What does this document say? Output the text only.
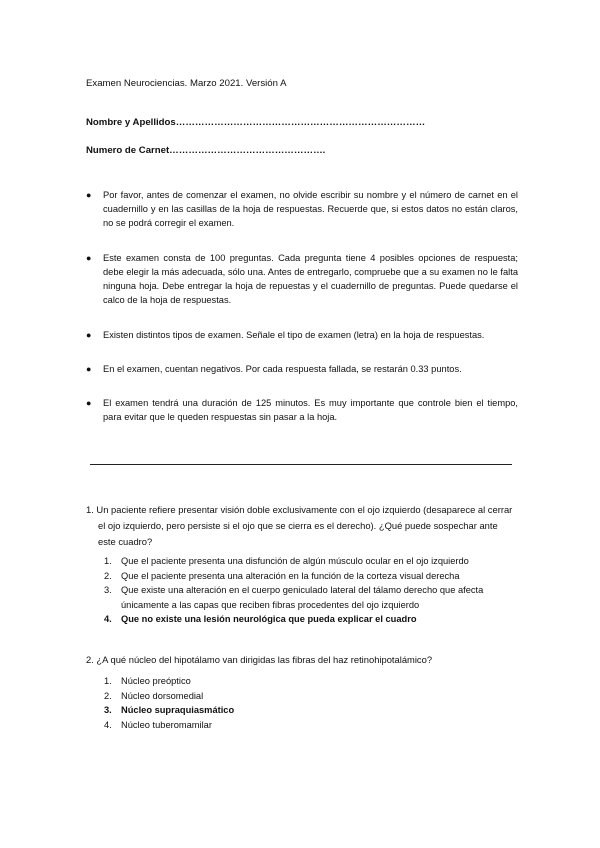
Examen Neurociencias. Marzo 2021. Versión A
Nombre y Apellidos……………………………………………………………………
Numero de Carnet………………………………………….
●	Por favor, antes de comenzar el examen, no olvide escribir su nombre y el número de carnet en el cuadernillo y en las casillas de la hoja de respuestas. Recuerde que, si estos datos no están claros, no se podrá corregir el examen.
●	Este examen consta de 100 preguntas. Cada pregunta tiene 4 posibles opciones de respuesta; debe elegir la más adecuada, sólo una. Antes de entregarlo, compruebe que a su examen no le falta ninguna hoja. Debe entregar la hoja de repuestas y el cuadernillo de preguntas. Puede quedarse el calco de la hoja de respuestas.
●	Existen distintos tipos de examen. Señale el tipo de examen (letra) en la hoja de respuestas.
●	En el examen, cuentan negativos. Por cada respuesta fallada, se restarán 0.33 puntos.
●	El examen tendrá una duración de 125 minutos. Es muy importante que controle bien el tiempo, para evitar que le queden respuestas sin pasar a la hoja.
1. Un paciente refiere presentar visión doble exclusivamente con el ojo izquierdo (desaparece al cerrar el ojo izquierdo, pero persiste si el ojo que se cierra es el derecho). ¿Qué puede sospechar ante este cuadro?
1. Que el paciente presenta una disfunción de algún músculo ocular en el ojo izquierdo
2. Que el paciente presenta una alteración en la función de la corteza visual derecha
3. Que existe una alteración en el cuerpo geniculado lateral del tálamo derecho que afecta únicamente a las capas que reciben fibras procedentes del ojo izquierdo
4. Que no existe una lesión neurológica que pueda explicar el cuadro
2. ¿A qué núcleo del hipotálamo van dirigidas las fibras del haz retinohipotalámico?
1. Núcleo preóptico
2. Núcleo dorsomedial
3. Núcleo supraquiasmático
4. Núcleo tuberomamilar
